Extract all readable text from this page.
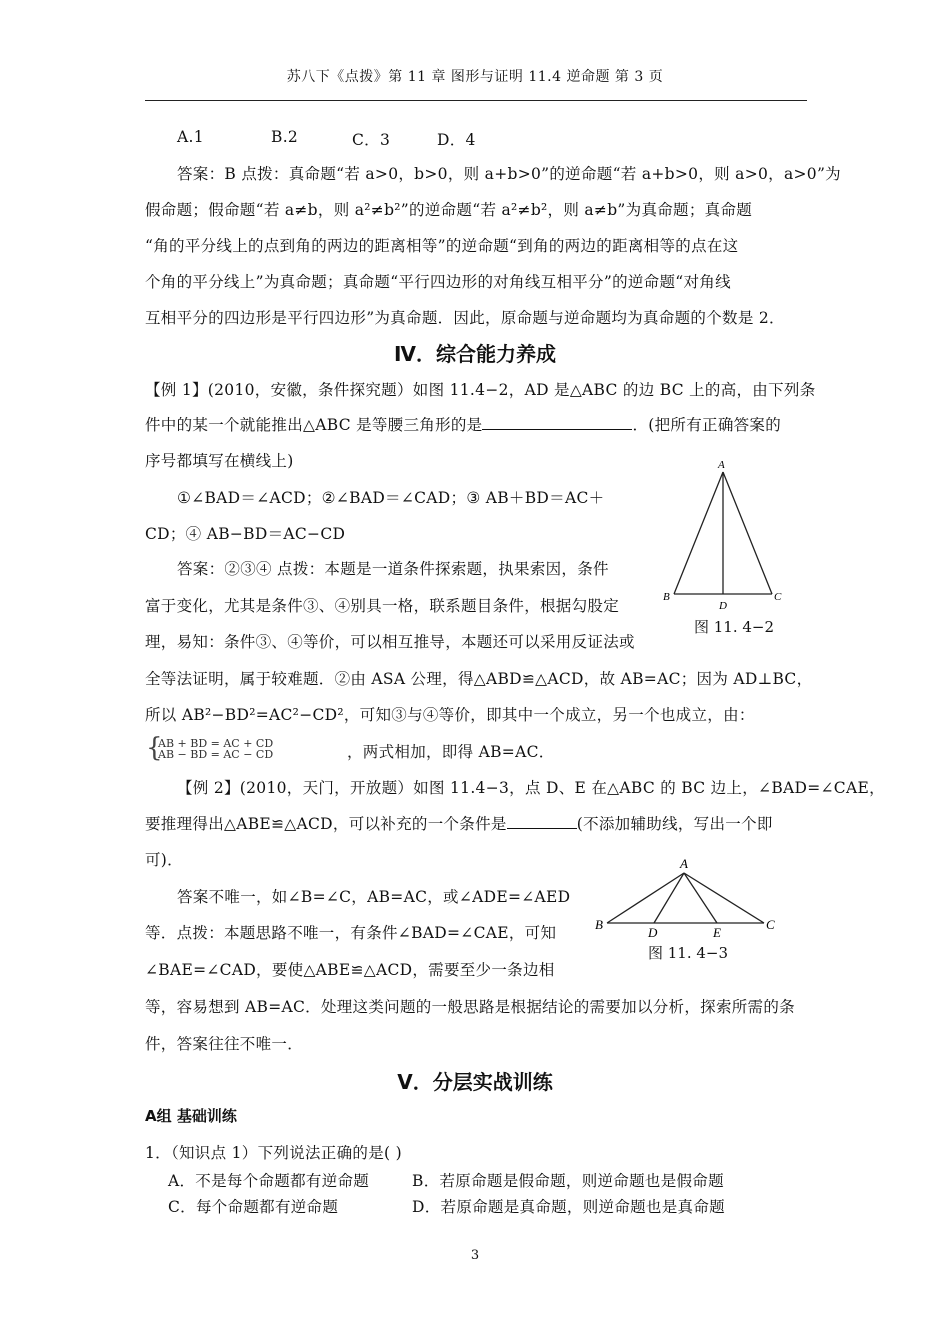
苏八下《点拨》第 11 章 图形与证明 11.4 逆命题 第 3 页
A.1	B.2	C．3	D．4
答案：B 点拨：真命题“若 a>0，b>0，则 a+b>0”的逆命题“若 a+b>0，则 a>0，a>0”为
假命题；假命题“若 a≠b，则 a²≠b²”的逆命题“若 a²≠b²，则 a≠b”为真命题；真命题
“角的平分线上的点到角的两边的距离相等”的逆命题“到角的两边的距离相等的点在这
个角的平分线上”为真命题；真命题“平行四边形的对角线互相平分”的逆命题“对角线
互相平分的四边形是平行四边形”为真命题．因此，原命题与逆命题均为真命题的个数是 2．
Ⅳ．综合能力养成
【例 1】(2010，安徽，条件探究题）如图 11.4−2，AD 是△ABC 的边 BC 上的高，由下列条
件中的某一个就能推出△ABC 是等腰三角形的是	．(把所有正确答案的
序号都填写在横线上)
①∠BAD＝∠ACD；②∠BAD＝∠CAD；③ AB＋BD＝AC＋
CD；④ AB−BD＝AC−CD
答案：②③④ 点拨：本题是一道条件探索题，执果索因，条件
富于变化，尤其是条件③、④别具一格，联系题目条件，根据勾股定
理，易知：条件③、④等价，可以相互推导，本题还可以采用反证法或
全等法证明，属于较难题．②由 ASA 公理，得△ABD≌△ACD，故 AB=AC；因为 AD⊥BC，
所以 AB²−BD²=AC²−CD²，可知③与④等价，即其中一个成立，另一个也成立，由：
{
AB + BD = AC + CD
AB − BD = AC − CD	，两式相加，即得 AB=AC．
A
B	C
D
图 11. 4−2
【例 2】(2010，天门，开放题）如图 11.4−3，点 D、E 在△ABC 的 BC 边上，∠BAD=∠CAE，
要推理得出△ABE≌△ACD，可以补充的一个条件是	(不添加辅助线，写出一个即
可)．
答案不唯一，如∠B=∠C，AB=AC，或∠ADE=∠AED
等．点拨：本题思路不唯一，有条件∠BAD=∠CAE，可知
∠BAE=∠CAD，要使△ABE≌△ACD，需要至少一条边相
等，容易想到 AB=AC．处理这类问题的一般思路是根据结论的需要加以分析，探索所需的条
件，答案往往不唯一．
A
B	C
D	E
图 11. 4−3
Ⅴ．分层实战训练
A组 基础训练
1．（知识点 1）下列说法正确的是( )
A．不是每个命题都有逆命题	B．若原命题是假命题，则逆命题也是假命题
C．每个命题都有逆命题	D．若原命题是真命题，则逆命题也是真命题
3
